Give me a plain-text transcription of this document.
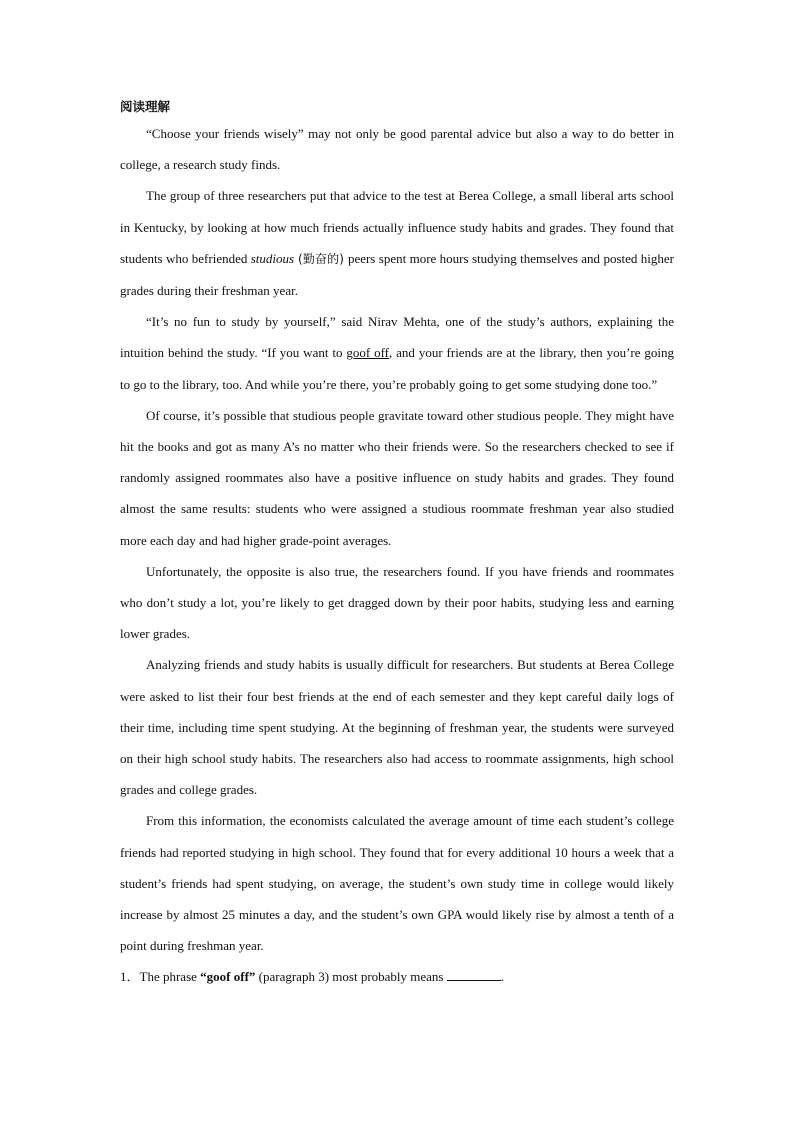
阅读理解

“Choose your friends wisely” may not only be good parental advice but also a way to do better in college, a research study finds.

The group of three researchers put that advice to the test at Berea College, a small liberal arts school in Kentucky, by looking at how much friends actually influence study habits and grades. They found that students who befriended studious (勤奋的) peers spent more hours studying themselves and posted higher grades during their freshman year.

“It’s no fun to study by yourself,” said Nirav Mehta, one of the study’s authors, explaining the intuition behind the study. “If you want to goof off, and your friends are at the library, then you’re going to go to the library, too. And while you’re there, you’re probably going to get some studying done too.”

Of course, it’s possible that studious people gravitate toward other studious people. They might have hit the books and got as many A’s no matter who their friends were. So the researchers checked to see if randomly assigned roommates also have a positive influence on study habits and grades. They found almost the same results: students who were assigned a studious roommate freshman year also studied more each day and had higher grade-point averages.

Unfortunately, the opposite is also true, the researchers found. If you have friends and roommates who don’t study a lot, you’re likely to get dragged down by their poor habits, studying less and earning lower grades.

Analyzing friends and study habits is usually difficult for researchers. But students at Berea College were asked to list their four best friends at the end of each semester and they kept careful daily logs of their time, including time spent studying. At the beginning of freshman year, the students were surveyed on their high school study habits. The researchers also had access to roommate assignments, high school grades and college grades.

From this information, the economists calculated the average amount of time each student’s college friends had reported studying in high school. They found that for every additional 10 hours a week that a student’s friends had spent studying, on average, the student’s own study time in college would likely increase by almost 25 minutes a day, and the student’s own GPA would likely rise by almost a tenth of a point during freshman year.

1．The phrase “goof off” (paragraph 3) most probably means	.
